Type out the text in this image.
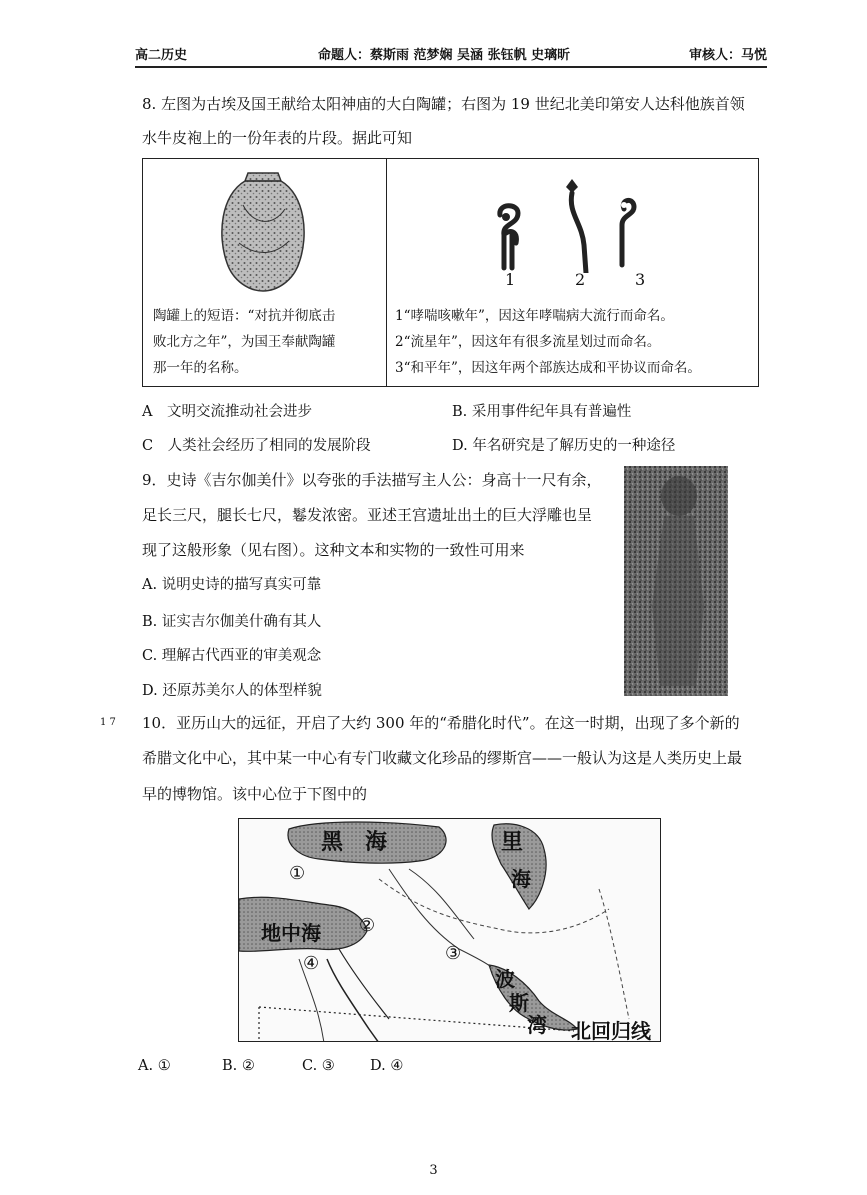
高二历史	命题人：蔡斯雨 范梦娴 吴涵 张钰帆 史璃昕	审核人：马悦
8. 左图为古埃及国王献给太阳神庙的大白陶罐；右图为 19 世纪北美印第安人达科他族首领
水牛皮袍上的一份年表的片段。据此可知
陶罐上的短语：“对抗并彻底击
败北方之年”，为国王奉献陶罐
那一年的名称。
1	2	3
1“哮喘咳嗽年”，因这年哮喘病大流行而命名。
2“流星年”，因这年有很多流星划过而命名。
3“和平年”，因这年两个部族达成和平协议而命名。
A　文明交流推动社会进步	B. 采用事件纪年具有普遍性
C　人类社会经历了相同的发展阶段	D. 年名研究是了解历史的一种途径
9．史诗《吉尔伽美什》以夸张的手法描写主人公：身高十一尺有余，
足长三尺，腿长七尺，鬈发浓密。亚述王宫遗址出土的巨大浮雕也呈
现了这般形象（见右图）。这种文本和实物的一致性可用来
A. 说明史诗的描写真实可靠
B. 证实吉尔伽美什确有其人
C. 理解古代西亚的审美观念
D. 还原苏美尔人的体型样貌
1 7 10．亚历山大的远征，开启了大约 300 年的“希腊化时代”。在这一时期，出现了多个新的
希腊文化中心，其中某一中心有专门收藏文化珍品的缪斯宫——一般认为这是人类历史上最
早的博物馆。该中心位于下图中的
黑　海	里
海
地中海
波
斯
湾 北回归线
①
②
③
④
A. ①	B. ②	C. ③ D. ④
3
